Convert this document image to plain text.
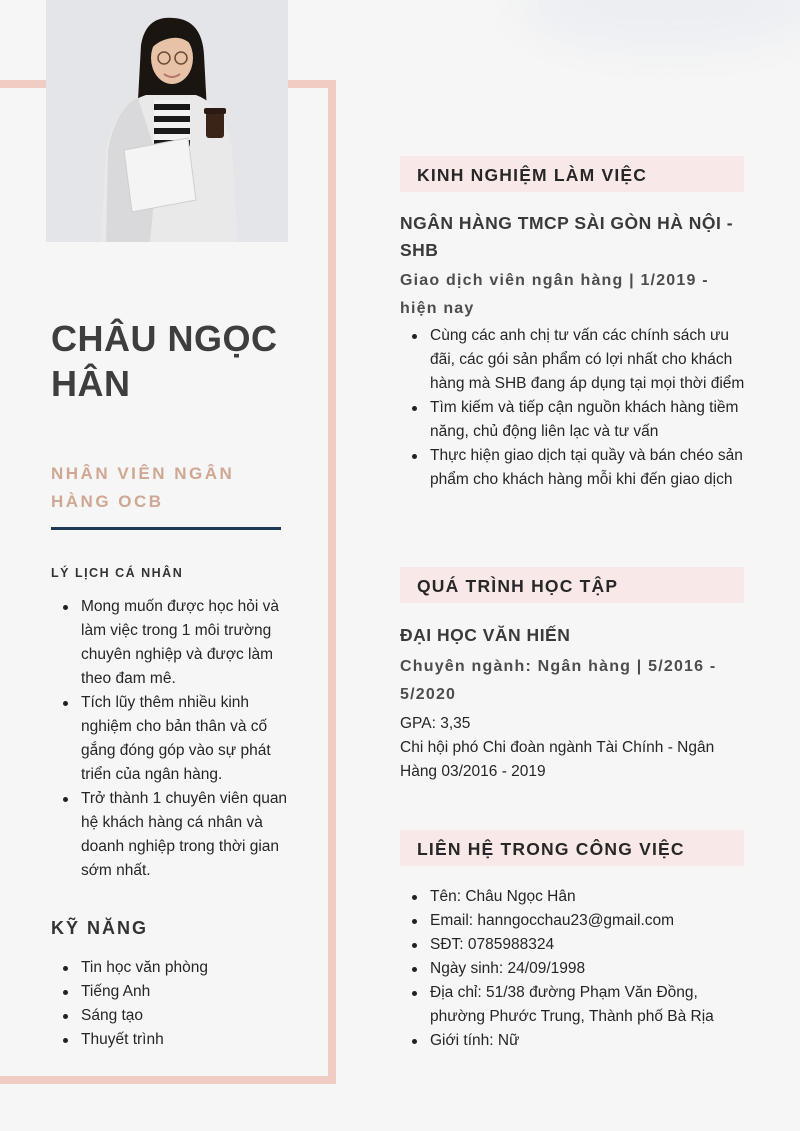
CHÂU NGỌC HÂN
NHÂN VIÊN NGÂN HÀNG OCB
LÝ LỊCH CÁ NHÂN
Mong muốn được học hỏi và làm việc trong 1 môi trường chuyên nghiệp và được làm theo đam mê.
Tích lũy thêm nhiều kinh nghiệm cho bản thân và cố gắng đóng góp vào sự phát triển của ngân hàng.
Trở thành 1 chuyên viên quan hệ khách hàng cá nhân và doanh nghiệp trong thời gian sớm nhất.
KỸ NĂNG
Tin học văn phòng
Tiếng Anh
Sáng tạo
Thuyết trình
KINH NGHIỆM LÀM VIỆC
NGÂN HÀNG TMCP SÀI GÒN HÀ NỘI - SHB
Giao dịch viên ngân hàng | 1/2019 - hiện nay
Cùng các anh chị tư vấn các chính sách ưu đãi, các gói sản phẩm có lợi nhất cho khách hàng mà SHB đang áp dụng tại mọi thời điểm
Tìm kiếm và tiếp cận nguồn khách hàng tiềm năng, chủ động liên lạc và tư vấn
Thực hiện giao dịch tại quầy và bán chéo sản phẩm cho khách hàng mỗi khi đến giao dịch
QUÁ TRÌNH HỌC TẬP
ĐẠI HỌC VĂN HIẾN
Chuyên ngành: Ngân hàng | 5/2016 - 5/2020
GPA: 3,35
Chi hội phó Chi đoàn ngành Tài Chính - Ngân Hàng 03/2016 - 2019
LIÊN HỆ TRONG CÔNG VIỆC
Tên: Châu Ngọc Hân
Email: hanngocchau23@gmail.com
SĐT: 0785988324
Ngày sinh: 24/09/1998
Địa chỉ: 51/38 đường Phạm Văn Đồng, phường Phước Trung, Thành phố Bà Rịa
Giới tính: Nữ
